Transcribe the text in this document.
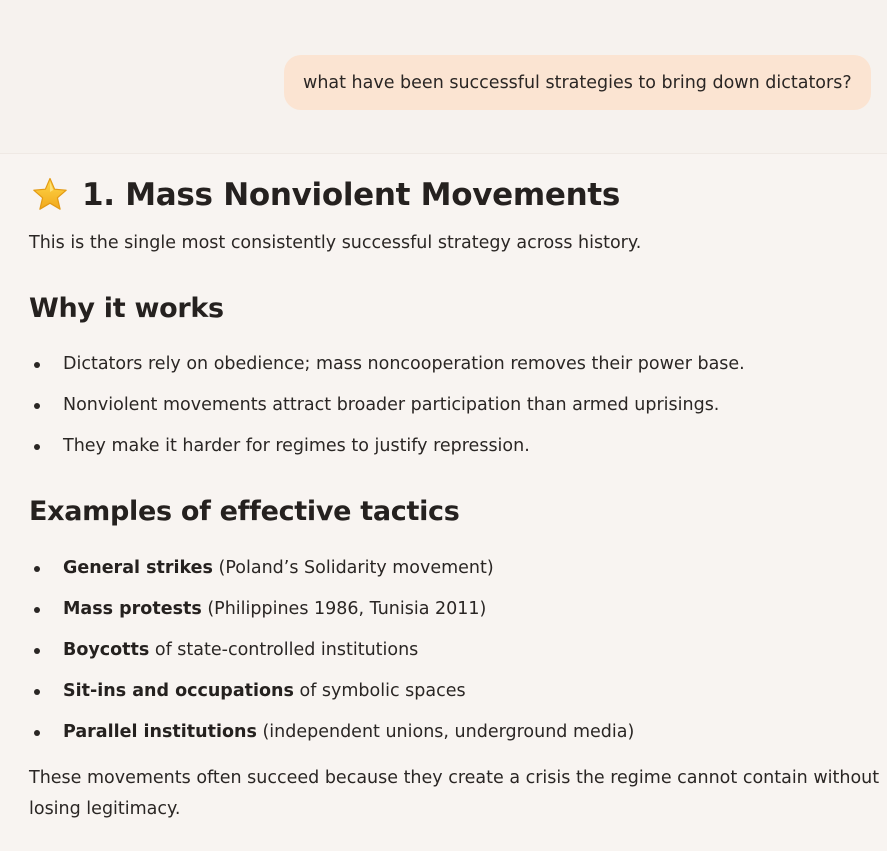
what have been successful strategies to bring down dictators?
1. Mass Nonviolent Movements
This is the single most consistently successful strategy across history.
Why it works
Dictators rely on obedience; mass noncooperation removes their power base.
Nonviolent movements attract broader participation than armed uprisings.
They make it harder for regimes to justify repression.
Examples of effective tactics
General strikes (Poland’s Solidarity movement)
Mass protests (Philippines 1986, Tunisia 2011)
Boycotts of state-controlled institutions
Sit-ins and occupations of symbolic spaces
Parallel institutions (independent unions, underground media)
These movements often succeed because they create a crisis the regime cannot contain without
losing legitimacy.
